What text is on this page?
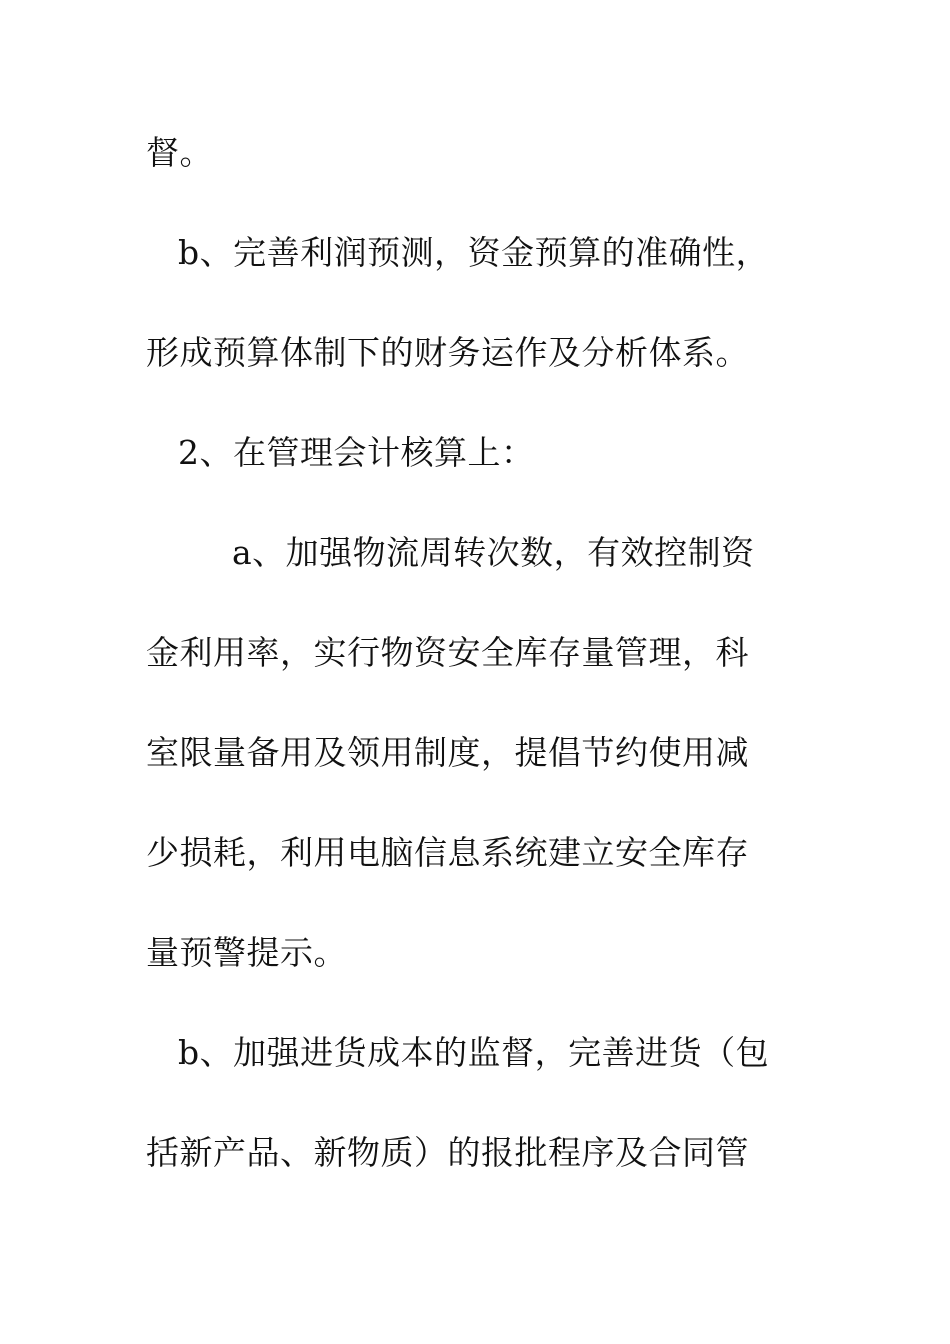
督。
b、完善利润预测，资金预算的准确性，
形成预算体制下的财务运作及分析体系。
2、在管理会计核算上：
a、加强物流周转次数，有效控制资
金利用率，实行物资安全库存量管理，科
室限量备用及领用制度，提倡节约使用减
少损耗，利用电脑信息系统建立安全库存
量预警提示。
b、加强进货成本的监督，完善进货（包
括新产品、新物质）的报批程序及合同管
